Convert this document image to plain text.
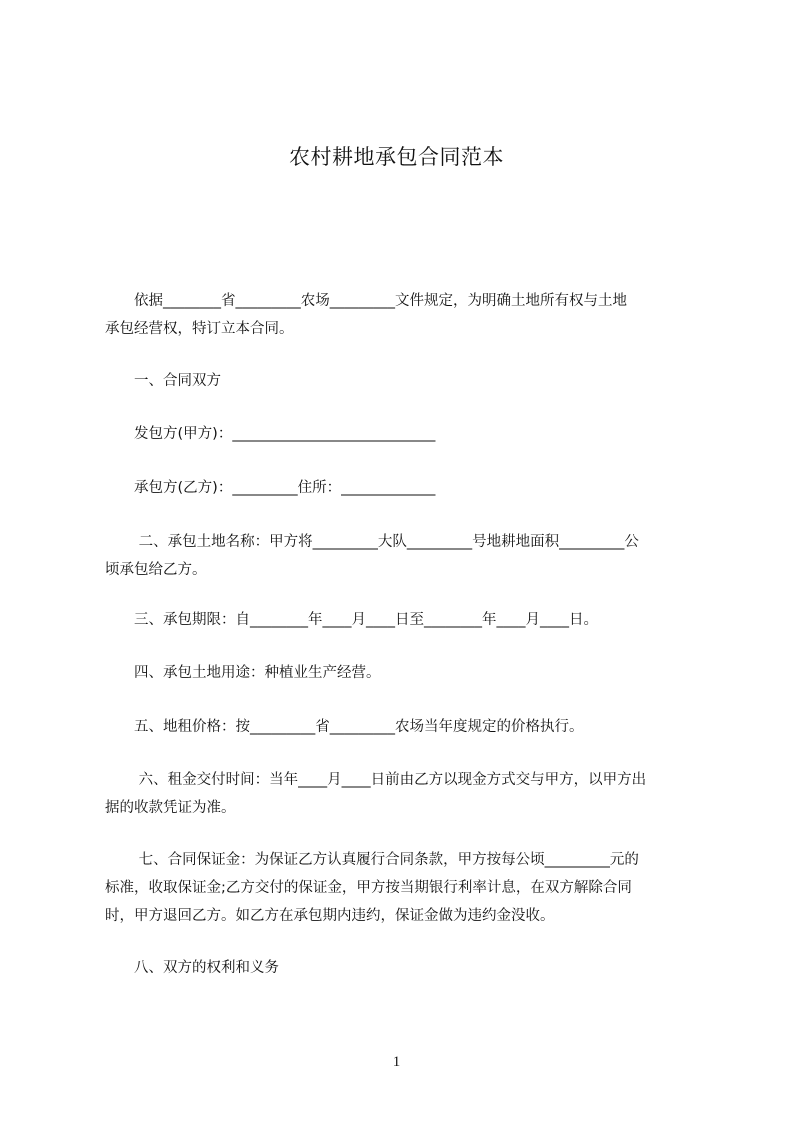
农村耕地承包合同范本

　　依据________省_________农场_________文件规定，为明确土地所有权与土地
承包经营权，特订立本合同。

　　一、合同双方

　　发包方(甲方)：____________________________

　　承包方(乙方)：_________住所：_____________

　　 二、承包土地名称：甲方将_________大队_________号地耕地面积_________公
顷承包给乙方。

　　三、承包期限：自________年____月____日至________年____月____日。

　　四、承包土地用途：种植业生产经营。

　　五、地租价格：按_________省_________农场当年度规定的价格执行。

　　 六、租金交付时间：当年____月____日前由乙方以现金方式交与甲方，以甲方出
据的收款凭证为准。

　　 七、合同保证金：为保证乙方认真履行合同条款，甲方按每公顷_________元的
标准，收取保证金;乙方交付的保证金，甲方按当期银行利率计息，在双方解除合同
时，甲方退回乙方。如乙方在承包期内违约，保证金做为违约金没收。

　　八、双方的权利和义务

1
